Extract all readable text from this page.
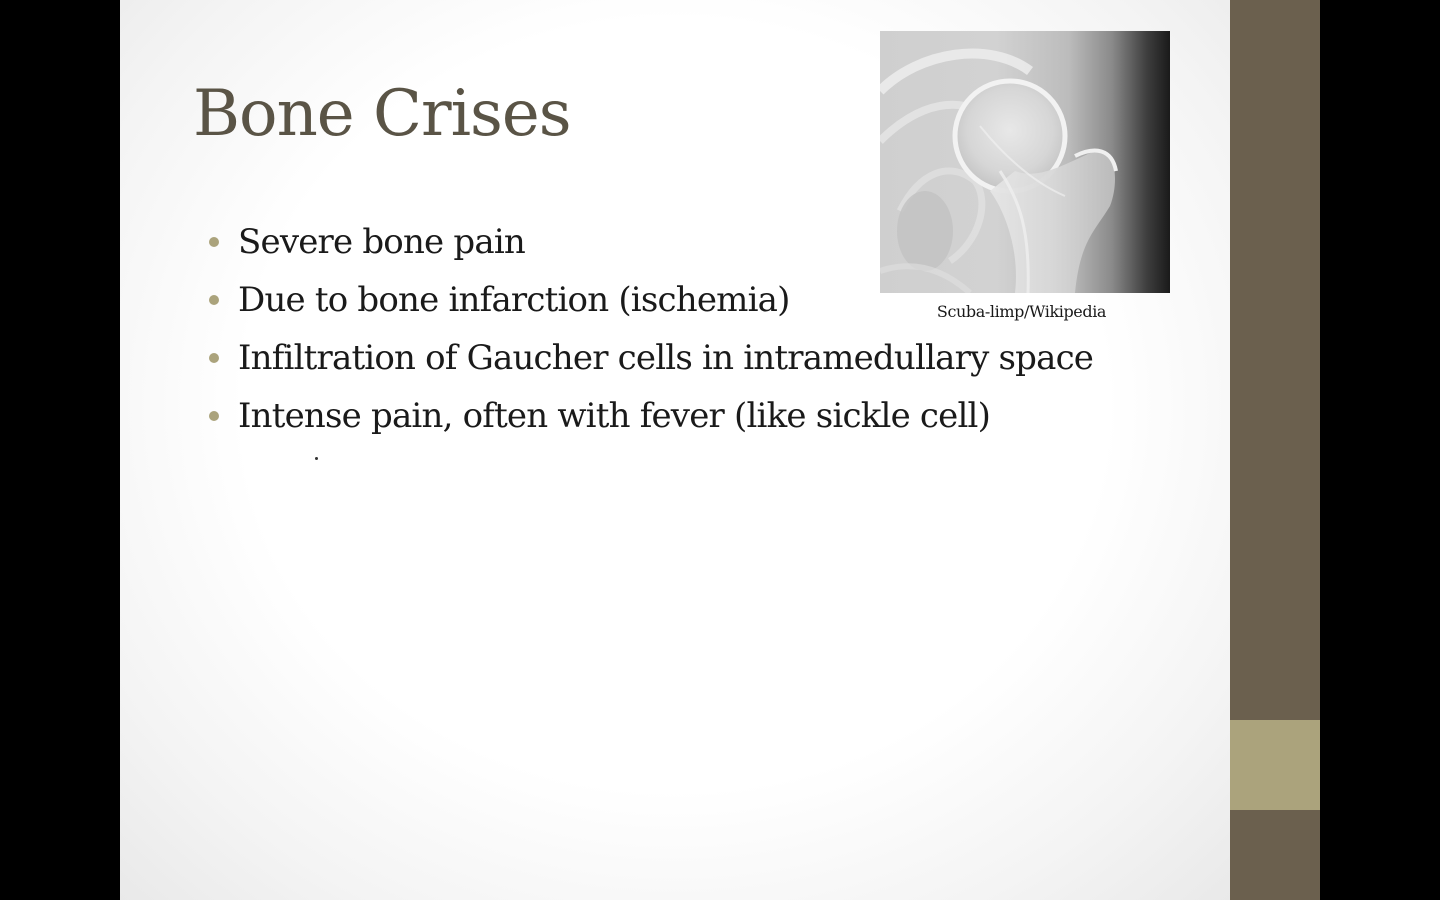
Bone Crises
Severe bone pain
Due to bone infarction (ischemia)
Infiltration of Gaucher cells in intramedullary space
Intense pain, often with fever (like sickle cell)
Scuba-limp/Wikipedia
